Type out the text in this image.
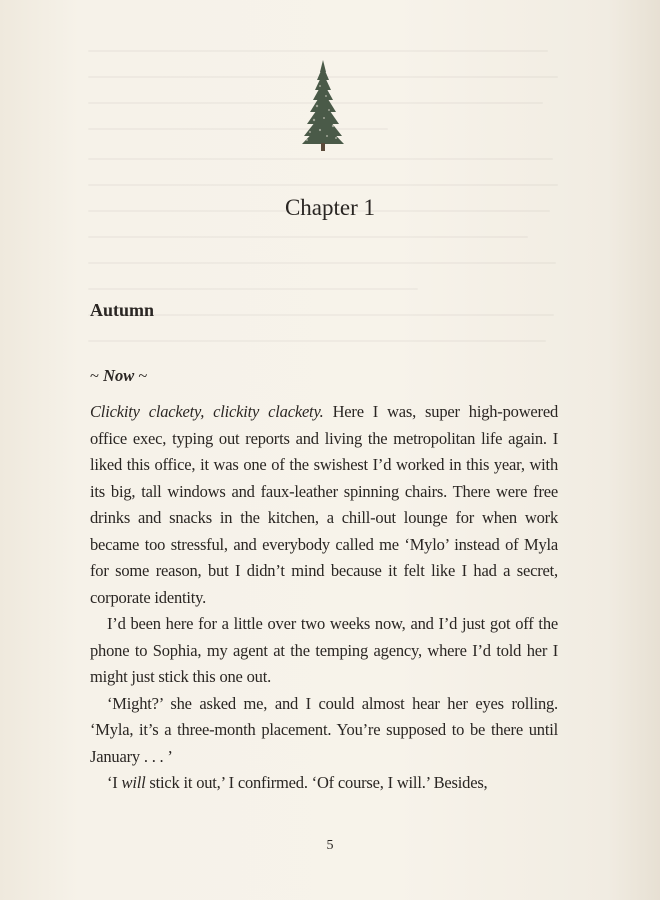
Chapter 1
Autumn

~ Now ~

Clickity clackety, clickity clackety. Here I was, super high-powered office exec, typing out reports and living the metropolitan life again. I liked this office, it was one of the swishest I’d worked in this year, with its big, tall windows and faux-leather spinning chairs. There were free drinks and snacks in the kitchen, a chill-out lounge for when work became too stressful, and everybody called me ‘Mylo’ instead of Myla for some reason, but I didn’t mind because it felt like I had a secret, corporate identity.

I’d been here for a little over two weeks now, and I’d just got off the phone to Sophia, my agent at the temping agency, where I’d told her I might just stick this one out.

‘Might?’ she asked me, and I could almost hear her eyes rolling. ‘Myla, it’s a three-month placement. You’re supposed to be there until January . . . ’

‘I will stick it out,’ I confirmed. ‘Of course, I will.’ Besides,

5
